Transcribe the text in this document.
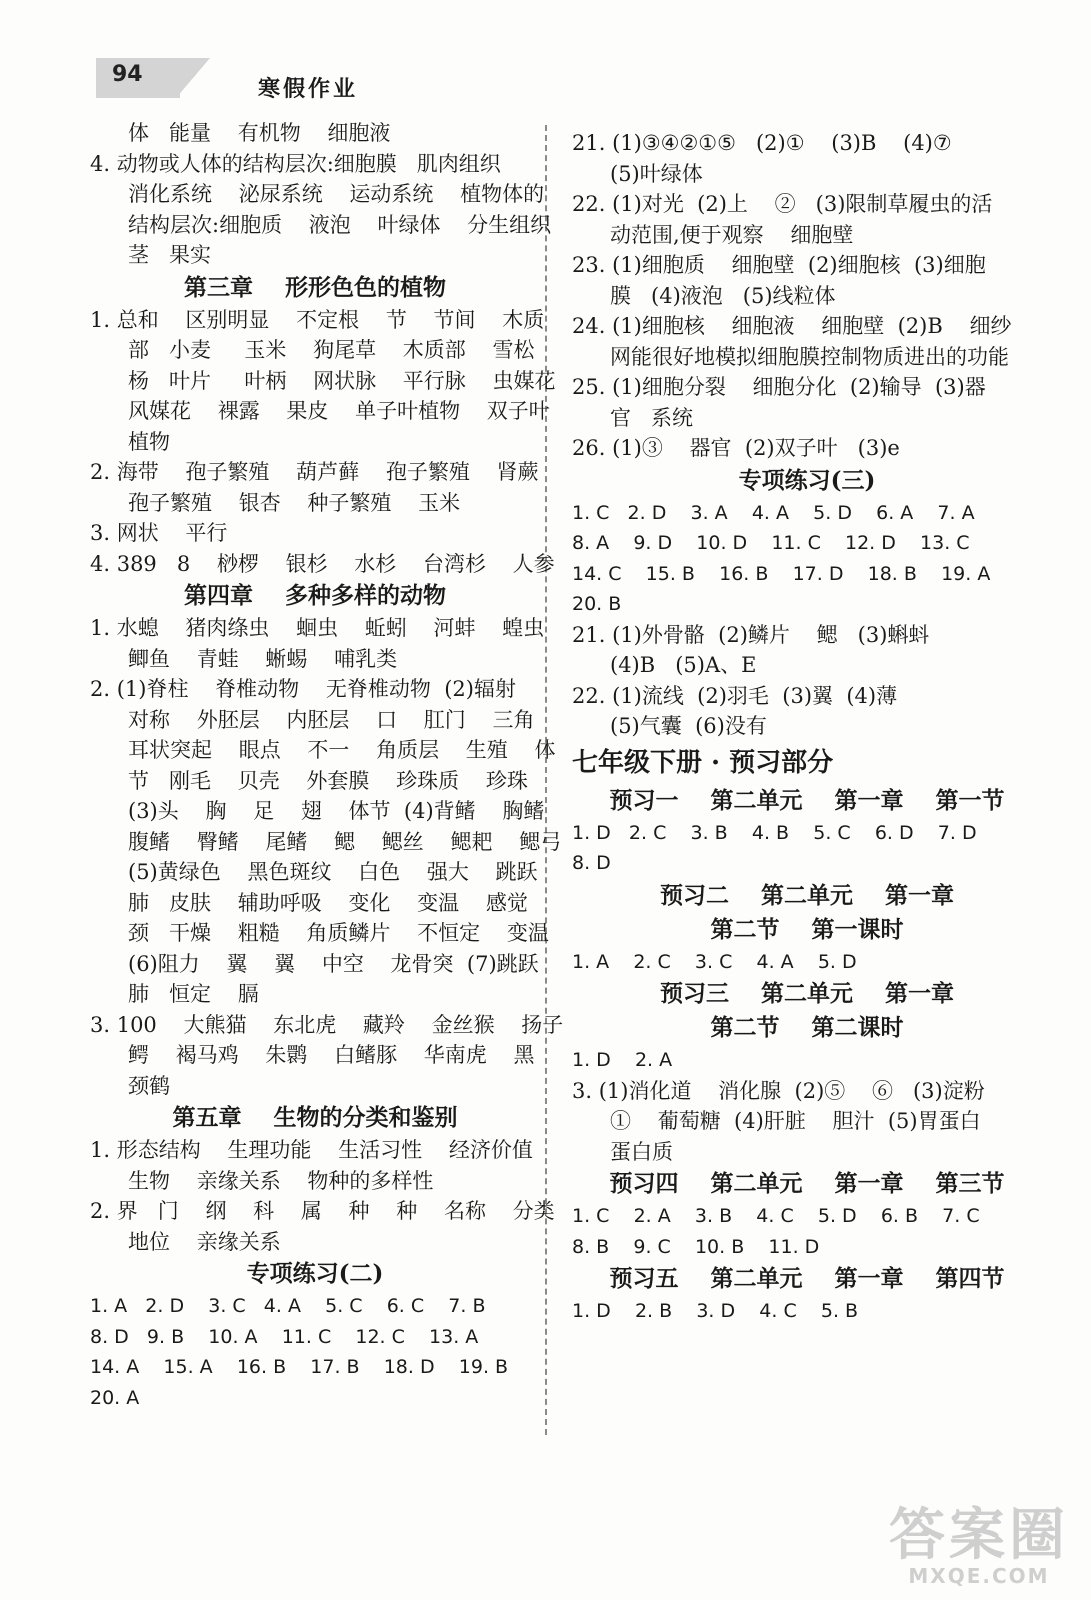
94
寒假作业
体   能量    有机物    细胞液
4. 动物或人体的结构层次:细胞膜   肌肉组织
消化系统    泌尿系统    运动系统    植物体的
结构层次:细胞质    液泡    叶绿体    分生组织
茎   果实
第三章    形形色色的植物
1. 总和    区别明显    不定根    节    节间    木质
部   小麦     玉米    狗尾草    木质部    雪松
杨   叶片     叶柄    网状脉    平行脉    虫媒花
风媒花    裸露    果皮    单子叶植物    双子叶
植物
2. 海带    孢子繁殖    葫芦藓    孢子繁殖    肾蕨
孢子繁殖    银杏    种子繁殖    玉米
3. 网状    平行
4. 389   8    桫椤    银杉    水杉    台湾杉    人参
第四章    多种多样的动物
1. 水螅    猪肉绦虫    蛔虫    蚯蚓    河蚌    蝗虫
鲫鱼    青蛙    蜥蜴    哺乳类
2. (1)脊柱    脊椎动物    无脊椎动物  (2)辐射
对称    外胚层    内胚层    口    肛门    三角
耳状突起    眼点    不一    角质层    生殖    体
节   刚毛    贝壳    外套膜    珍珠质    珍珠
(3)头    胸    足    翅    体节  (4)背鳍    胸鳍
腹鳍    臀鳍    尾鳍    鳃    鳃丝    鳃耙    鳃弓
(5)黄绿色    黑色斑纹    白色    强大    跳跃
肺   皮肤    辅助呼吸    变化    变温    感觉
颈   干燥    粗糙    角质鳞片    不恒定    变温
(6)阻力    翼    翼    中空    龙骨突  (7)跳跃
肺   恒定    膈
3. 100    大熊猫    东北虎    藏羚    金丝猴    扬子
鳄    褐马鸡    朱鹮    白鳍豚    华南虎    黑
颈鹤
第五章    生物的分类和鉴别
1. 形态结构    生理功能    生活习性    经济价值
生物    亲缘关系    物种的多样性
2. 界   门    纲    科    属    种    种    名称    分类
地位    亲缘关系
专项练习(二)
1. A   2. D    3. C   4. A    5. C    6. C    7. B
8. D   9. B    10. A    11. C    12. C    13. A
14. A    15. A    16. B    17. B    18. D    19. B
20. A
21. (1)③④②①⑤   (2)①    (3)B    (4)⑦
(5)叶绿体
22. (1)对光  (2)上    ②   (3)限制草履虫的活
动范围,便于观察    细胞壁
23. (1)细胞质    细胞壁  (2)细胞核  (3)细胞
膜   (4)液泡   (5)线粒体
24. (1)细胞核    细胞液    细胞壁  (2)B    细纱
网能很好地模拟细胞膜控制物质进出的功能
25. (1)细胞分裂    细胞分化  (2)输导  (3)器
官   系统
26. (1)③    器官  (2)双子叶   (3)e
专项练习(三)
1. C   2. D    3. A    4. A    5. D    6. A    7. A
8. A    9. D    10. D    11. C    12. D    13. C
14. C    15. B    16. B    17. D    18. B    19. A
20. B
21. (1)外骨骼  (2)鳞片    鳃   (3)蝌蚪
(4)B   (5)A、E
22. (1)流线  (2)羽毛  (3)翼  (4)薄
(5)气囊  (6)没有
七年级下册 · 预习部分
预习一    第二单元    第一章    第一节
1. D   2. C    3. B    4. B    5. C    6. D    7. D
8. D
预习二    第二单元    第一章
第二节    第一课时
1. A    2. C    3. C    4. A    5. D
预习三    第二单元    第一章
第二节    第二课时
1. D    2. A
3. (1)消化道    消化腺  (2)⑤    ⑥   (3)淀粉
①    葡萄糖  (4)肝脏    胆汁  (5)胃蛋白
蛋白质
预习四    第二单元    第一章    第三节
1. C    2. A    3. B    4. C    5. D    6. B    7. C
8. B    9. C    10. B    11. D
预习五    第二单元    第一章    第四节
1. D    2. B    3. D    4. C    5. B
答案圈
MXQE.COM
